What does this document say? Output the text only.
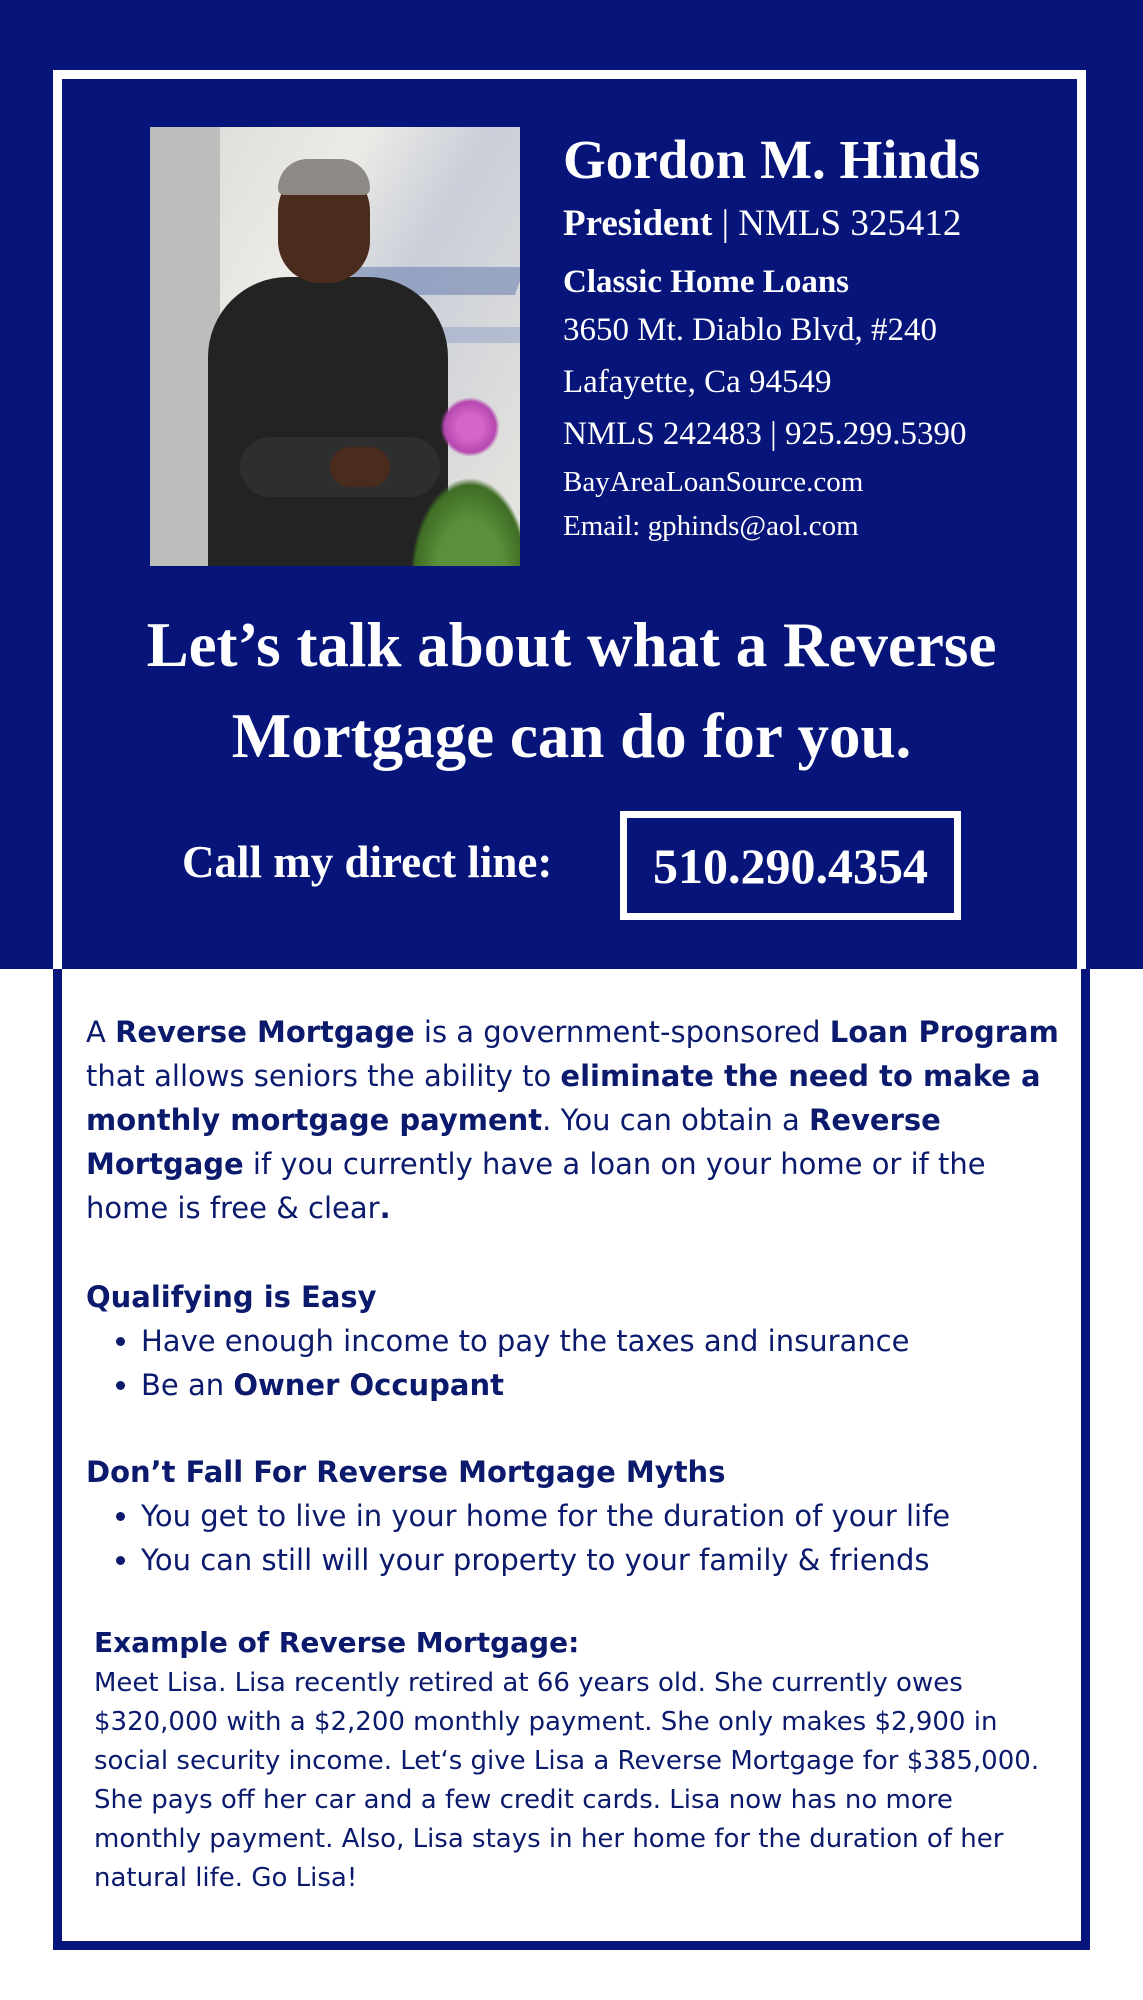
Gordon M. Hinds
President | NMLS 325412
Classic Home Loans
3650 Mt. Diablo Blvd, #240
Lafayette, Ca 94549
NMLS 242483 | 925.299.5390
BayAreaLoanSource.com
Email: gphinds@aol.com
Let’s talk about what a Reverse
Mortgage can do for you.
Call my direct line: 510.290.4354

A Reverse Mortgage is a government-sponsored Loan Program that allows seniors the ability to eliminate the need to make a monthly mortgage payment. You can obtain a Reverse Mortgage if you currently have a loan on your home or if the home is free & clear.

Qualifying is Easy

• Have enough income to pay the taxes and insurance
• Be an Owner Occupant

Don’t Fall For Reverse Mortgage Myths

• You get to live in your home for the duration of your life
• You can still will your property to your family & friends

Example of Reverse Mortgage:

Meet Lisa. Lisa recently retired at 66 years old. She currently owes $320,000 with a $2,200 monthly payment. She only makes $2,900 in social security income. Let‘s give Lisa a Reverse Mortgage for $385,000. She pays off her car and a few credit cards. Lisa now has no more monthly payment. Also, Lisa stays in her home for the duration of her natural life. Go Lisa!
